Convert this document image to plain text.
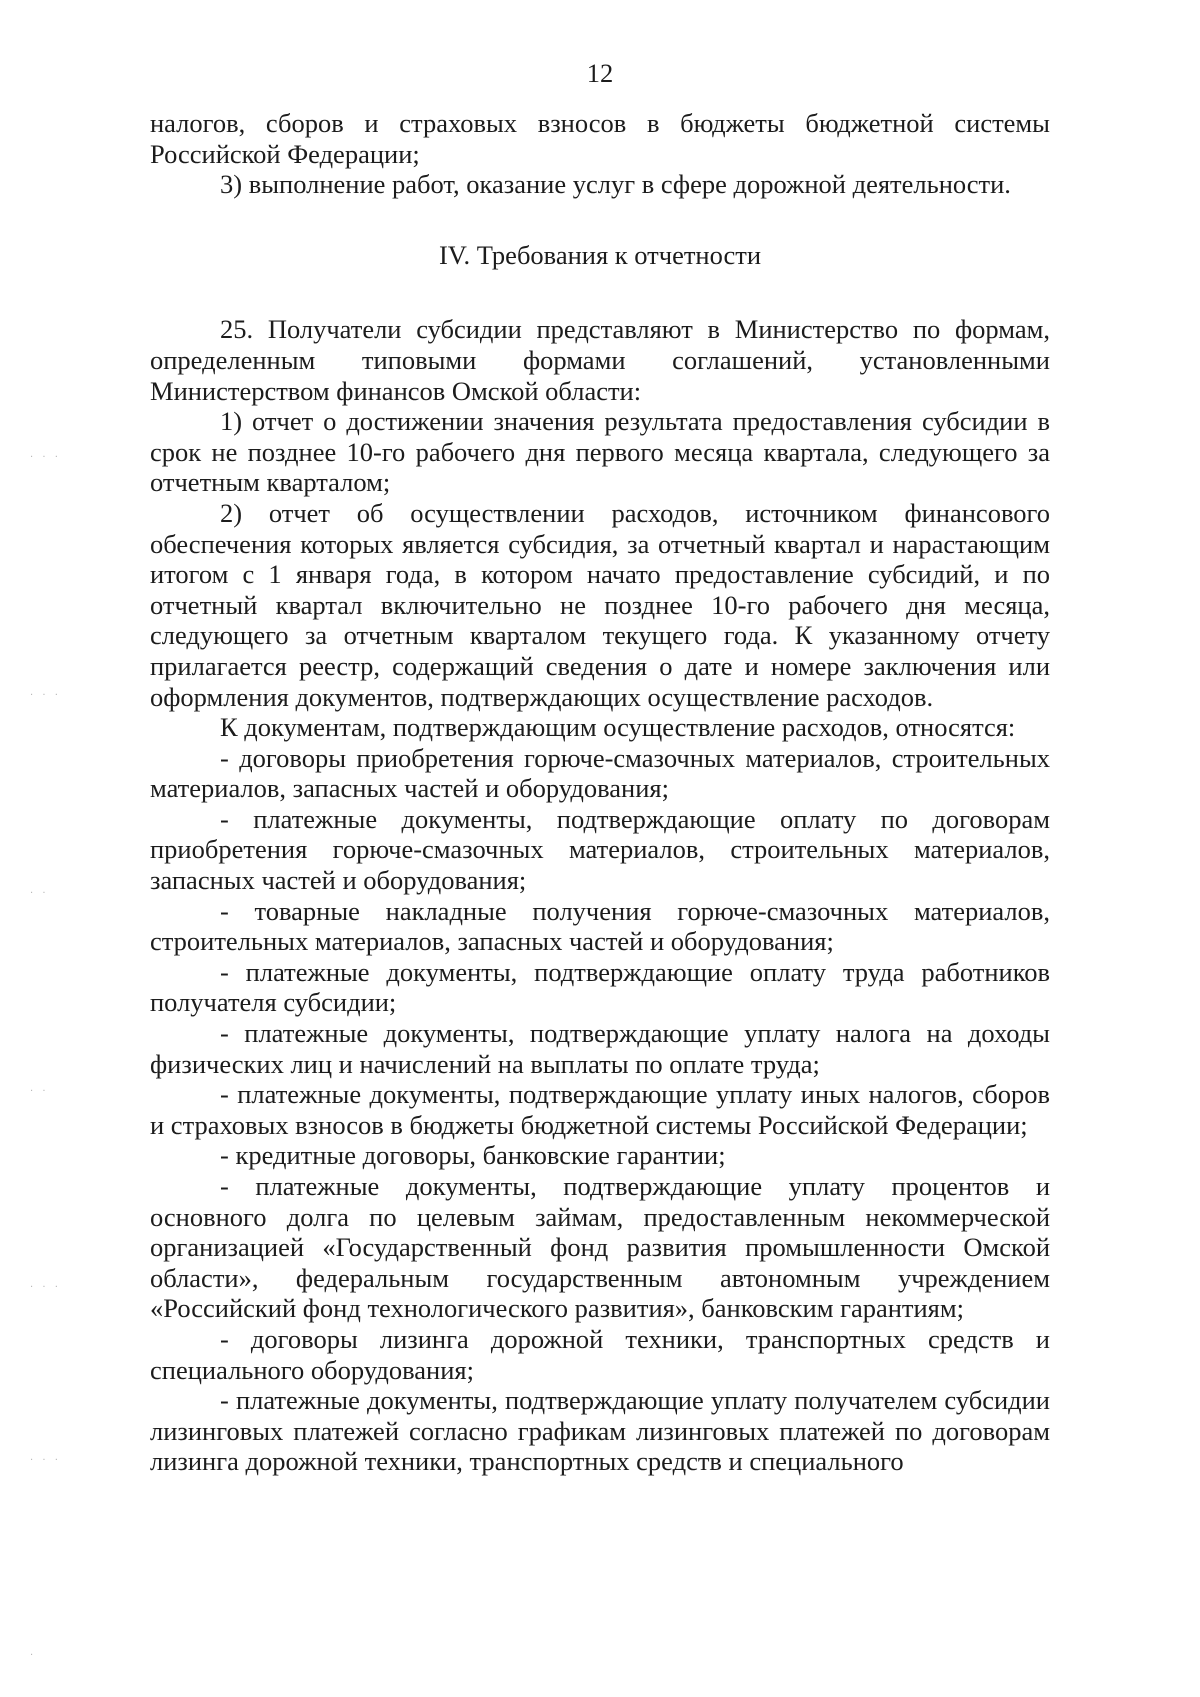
· · ·
· · ·
· ·
· ·
· · ·
· · ·
·
12

налогов, сборов и страховых взносов в бюджеты бюджетной системы Российской Федерации;

3) выполнение работ, оказание услуг в сфере дорожной деятельности.

IV. Требования к отчетности

25. Получатели субсидии представляют в Министерство по формам, определенным типовыми формами соглашений, установленными Министерством финансов Омской области:

1) отчет о достижении значения результата предоставления субсидии в срок не позднее 10-го рабочего дня первого месяца квартала, следующего за отчетным кварталом;

2) отчет об осуществлении расходов, источником финансового обеспечения которых является субсидия, за отчетный квартал и нарастающим итогом с 1 января года, в котором начато предоставление субсидий, и по отчетный квартал включительно не позднее 10-го рабочего дня месяца, следующего за отчетным кварталом текущего года. К указанному отчету прилагается реестр, содержащий сведения о дате и номере заключения или оформления документов, подтверждающих осуществление расходов.

К документам, подтверждающим осуществление расходов, относятся:

- договоры приобретения горюче-смазочных материалов, строительных материалов, запасных частей и оборудования;

- платежные документы, подтверждающие оплату по договорам приобретения горюче-смазочных материалов, строительных материалов, запасных частей и оборудования;

- товарные накладные получения горюче-смазочных материалов, строительных материалов, запасных частей и оборудования;

- платежные документы, подтверждающие оплату труда работников получателя субсидии;

- платежные документы, подтверждающие уплату налога на доходы физических лиц и начислений на выплаты по оплате труда;

- платежные документы, подтверждающие уплату иных налогов, сборов и страховых взносов в бюджеты бюджетной системы Российской Федерации;

- кредитные договоры, банковские гарантии;

- платежные документы, подтверждающие уплату процентов и основного долга по целевым займам, предоставленным некоммерческой организацией «Государственный фонд развития промышленности Омской области», федеральным государственным автономным учреждением «Российский фонд технологического развития», банковским гарантиям;

- договоры лизинга дорожной техники, транспортных средств и специального оборудования;

- платежные документы, подтверждающие уплату получателем субсидии лизинговых платежей согласно графикам лизинговых платежей по договорам лизинга дорожной техники, транспортных средств и специального
